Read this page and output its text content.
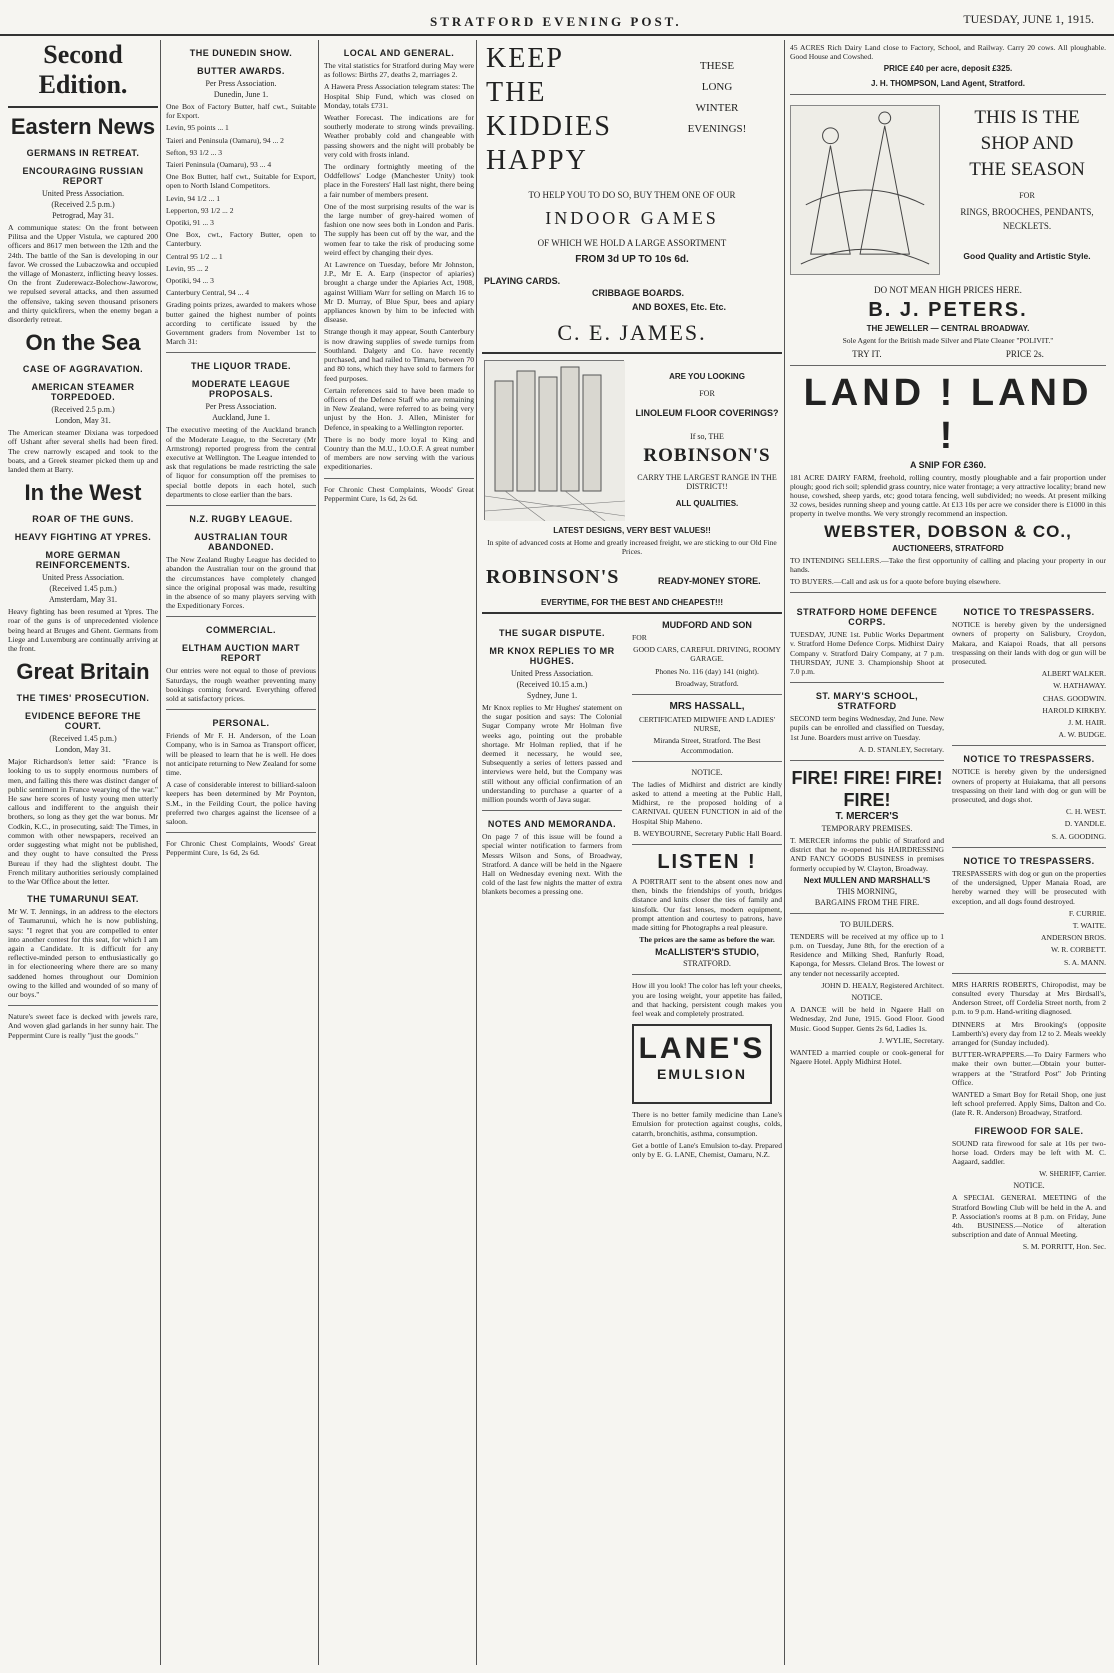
STRATFORD EVENING POST.	TUESDAY, JUNE 1, 1915.
Second Edition.
Eastern News
GERMANS IN RETREAT.
ENCOURAGING RUSSIAN REPORT
United Press Association.
(Received 2.5 p.m.)
Petrograd, May 31.
A communique states: On the front between Pilitsa and the Upper Vistula, we captured 200 officers and 8617 men between the 12th and the 24th. The battle of the San is developing in our favor. We crossed the Lubaczowka and occupied the village of Monasterz, inflicting heavy losses. On the front Zuderewacz-Bolechow-Jaworow, we repulsed several attacks, and then assumed the offensive, taking seven thousand prisoners and thirty quickfirers, when the enemy began a disorderly retreat.
On the Sea
CASE OF AGGRAVATION.
AMERICAN STEAMER TORPEDOED.
(Received 2.5 p.m.)
London, May 31.
The American steamer Dixiana was torpedoed off Ushant after several shells had been fired. The crew narrowly escaped and took to the boats, and a Greek steamer picked them up and landed them at Barry.
In the West
ROAR OF THE GUNS.
HEAVY FIGHTING AT YPRES.
MORE GERMAN REINFORCEMENTS.
United Press Association.
(Received 1.45 p.m.)
Amsterdam, May 31.
Heavy fighting has been resumed at Ypres. The roar of the guns is of unprecedented violence being heard at Bruges and Ghent. Germans from Liege and Luxemburg are continually arriving at the front.
Great Britain
THE TIMES' PROSECUTION.
EVIDENCE BEFORE THE COURT.
(Received 1.45 p.m.)
London, May 31.
Major Richardson's letter said: "France is looking to us to supply enormous numbers of men, and failing this there was distinct danger of public sentiment in France wearying of the war." He saw here scores of lusty young men utterly callous and indifferent to the anguish their brothers, so long as they get the war bonus. Mr Codkin, K.C., in prosecuting, said: The Times, in common with other newspapers, received an order suggesting what might not be published, and they ought to have consulted the Press Bureau if they had the slightest doubt. The French military authorities seriously complained to the War Office about the letter.
THE TUMARUNUI SEAT.
Mr W. T. Jennings, in an address to the electors of Taumarunui, which he is now publishing, says: "I regret that you are compelled to enter into another contest for this seat, for which I am again a Candidate. It is difficult for any reflective-minded person to enthusiastically go in for electioneering where there are so many saddened homes throughout our Dominion owing to the killed and wounded of so many of our boys."
Nature's sweet face is decked with jewels rare, And woven glad garlands in her sunny hair. The Peppermint Cure is really "just the goods."
THE DUNEDIN SHOW.
BUTTER AWARDS.
Per Press Association.
Dunedin, June 1.
One Box of Factory Butter, half cwt., Suitable for Export.
Levin, 95 points ... 1
Taieri and Peninsula (Oamaru), 94 ... 2
Sefton, 93 1/2 ... 3
Taieri Peninsula (Oamaru), 93 ... 4
One Box Butter, half cwt., Suitable for Export, open to North Island Competitors.
Levin, 94 1/2 ... 1
Lepperton, 93 1/2 ... 2
Opotiki, 91 ... 3
One Box, cwt., Factory Butter, open to Canterbury.
Central 95 1/2 ... 1
Levin, 95 ... 2
Opotiki, 94 ... 3
Canterbury Central, 94 ... 4
Grading points prizes, awarded to makers whose butter gained the highest number of points according to certificate issued by the Government graders from November 1st to March 31:
THE LIQUOR TRADE.
MODERATE LEAGUE PROPOSALS.
Per Press Association.
Auckland, June 1.
The executive meeting of the Auckland branch of the Moderate League, to the Secretary (Mr Armstrong) reported progress from the central executive at Wellington. The League intended to ask that regulations be made restricting the sale of liquor for consumption off the premises to special bottle depots in each hotel, such departments to close earlier than the bars.
N.Z. RUGBY LEAGUE.
AUSTRALIAN TOUR ABANDONED.
The New Zealand Rugby League has decided to abandon the Australian tour on the ground that the circumstances have completely changed since the original proposal was made, resulting in the absence of so many players serving with the Expeditionary Forces.
COMMERCIAL.
ELTHAM AUCTION MART REPORT
Our entries were not equal to those of previous Saturdays, the rough weather preventing many bookings coming forward. Everything offered sold at satisfactory prices.
PERSONAL.
Friends of Mr F. H. Anderson, of the Loan Company, who is in Samoa as Transport officer, will be pleased to learn that he is well. He does not anticipate returning to New Zealand for some time.
A case of considerable interest to billiard-saloon keepers has been determined by Mr Poynton, S.M., in the Feilding Court, the police having preferred two charges against the licensee of a saloon.
For Chronic Chest Complaints, Woods' Great Peppermint Cure, 1s 6d, 2s 6d.
LOCAL AND GENERAL.
The vital statistics for Stratford during May were as follows: Births 27, deaths 2, marriages 2.
A Hawera Press Association telegram states: The Hospital Ship Fund, which was closed on Monday, totals £731.
Weather Forecast. The indications are for southerly moderate to strong winds prevailing. Weather probably cold and changeable with passing showers and the night will probably be very cold with frosts inland.
The ordinary fortnightly meeting of the Oddfellows' Lodge (Manchester Unity) took place in the Foresters' Hall last night, there being a fair number of members present.
One of the most surprising results of the war is the large number of grey-haired women of fashion one now sees both in London and Paris. The supply has been cut off by the war, and the women fear to take the risk of producing some weird effect by changing their dyes.
At Lawrence on Tuesday, before Mr Johnston, J.P., Mr E. A. Earp (inspector of apiaries) brought a charge under the Apiaries Act, 1908, against William Warr for selling on March 16 to Mr D. Murray, of Blue Spur, bees and apiary appliances known by him to be infected with disease.
Strange though it may appear, South Canterbury is now drawing supplies of swede turnips from Southland. Dalgety and Co. have recently purchased, and had railed to Timaru, between 70 and 80 tons, which they have sold to farmers for feed purposes.
Certain references said to have been made to officers of the Defence Staff who are remaining in New Zealand, were referred to as being very unjust by the Hon. J. Allen, Minister for Defence, in speaking to a Wellington reporter.
There is no body more loyal to King and Country than the M.U., I.O.O.F. A great number of members are now serving with the various expeditionaries.
For Chronic Chest Complaints, Woods' Great Peppermint Cure, 1s 6d, 2s 6d.
KEEP
THE
KIDDIES
HAPPY
THESE
LONG
WINTER
EVENINGS!
TO HELP YOU TO DO SO, BUY THEM ONE OF OUR
INDOOR GAMES
OF WHICH WE HOLD A LARGE ASSORTMENT
FROM 3d UP TO 10s 6d.
PLAYING CARDS.
CRIBBAGE BOARDS.
AND BOXES, Etc. Etc.
C. E. JAMES.
ARE YOU LOOKING
FOR
LINOLEUM FLOOR COVERINGS?
If so, THE
ROBINSON'S
CARRY THE LARGEST RANGE IN THE DISTRICT!!
ALL QUALITIES.
LATEST DESIGNS, VERY BEST VALUES!!
In spite of advanced costs at Home and greatly increased freight, we are sticking to our Old Fine Prices.
ROBINSON'S	READY-MONEY STORE.
EVERYTIME, FOR THE BEST AND CHEAPEST!!!
THE SUGAR DISPUTE.
MR KNOX REPLIES TO MR HUGHES.
United Press Association.
(Received 10.15 a.m.)
Sydney, June 1.
Mr Knox replies to Mr Hughes' statement on the sugar position and says: The Colonial Sugar Company wrote Mr Holman five weeks ago, pointing out the probable shortage. Mr Holman replied, that if he deemed it necessary, he would see, Subsequently a series of letters passed and interviews were held, but the Company was still without any official confirmation of an understanding to purchase a quarter of a million pounds worth of Java sugar.
NOTES AND MEMORANDA.
On page 7 of this issue will be found a special winter notification to farmers from Messrs Wilson and Sons, of Broadway, Stratford. A dance will be held in the Ngaere Hall on Wednesday evening next. With the cold of the last few nights the matter of extra blankets becomes a pressing one.
MUDFORD AND SON
FOR
GOOD CARS, CAREFUL DRIVING, ROOMY GARAGE.
Phones No. 116 (day) 141 (night).
Broadway, Stratford.
MRS HASSALL,
CERTIFICATED MIDWIFE AND LADIES' NURSE,
Miranda Street, Stratford. The Best Accommodation.
NOTICE.
The ladies of Midhirst and district are kindly asked to attend a meeting at the Public Hall, Midhirst, re the proposed holding of a CARNIVAL QUEEN FUNCTION in aid of the Hospital Ship Maheno.
B. WEYBOURNE, Secretary Public Hall Board.
LISTEN !
A PORTRAIT sent to the absent ones now and then, binds the friendships of youth, bridges distance and knits closer the ties of family and kinsfolk. Our fast lenses, modern equipment, prompt attention and courtesy to patrons, have made sitting for Photographs a real pleasure.
The prices are the same as before the war.
McALLISTER'S STUDIO,
STRATFORD.
How ill you look! The color has left your cheeks, you are losing weight, your appetite has failed, and that hacking, persistent cough makes you feel weak and completely prostrated.
LANE'S
EMULSION
There is no better family medicine than Lane's Emulsion for protection against coughs, colds, catarrh, bronchitis, asthma, consumption.
Get a bottle of Lane's Emulsion to-day. Prepared only by E. G. LANE, Chemist, Oamaru, N.Z.
45 ACRES Rich Dairy Land close to Factory, School, and Railway. Carry 20 cows. All ploughable. Good House and Cowshed.
PRICE £40 per acre, deposit £325.
J. H. THOMPSON, Land Agent, Stratford.
THIS IS THE
SHOP AND
THE SEASON
FOR
RINGS, BROOCHES, PENDANTS, NECKLETS.
Good Quality and Artistic Style.
DO NOT MEAN HIGH PRICES HERE.
B. J. PETERS.
THE JEWELLER — CENTRAL BROADWAY.
Sole Agent for the British made Silver and Plate Cleaner "POLIVIT."
TRY IT.	PRICE 2s.
LAND ! LAND !
A SNIP FOR £360.
181 ACRE DAIRY FARM, freehold, rolling country, mostly ploughable and a fair proportion under plough; good rich soil; splendid grass country, nice water frontage; a very attractive locality; brand new house, cowshed, sheep yards, etc; good totara fencing, well subdivided; no weeds. At present milking 32 cows, besides running sheep and young cattle. At £13 10s per acre we consider there is £1000 in this property in twelve months. We very strongly recommend an inspection.
WEBSTER, DOBSON & CO.,
AUCTIONEERS, STRATFORD
TO INTENDING SELLERS.—Take the first opportunity of calling and placing your property in our hands.
TO BUYERS.—Call and ask us for a quote before buying elsewhere.
STRATFORD HOME DEFENCE CORPS.
TUESDAY, JUNE 1st. Public Works Department v. Stratford Home Defence Corps. Midhirst Dairy Company v. Stratford Dairy Company, at 7 p.m. THURSDAY, JUNE 3. Championship Shoot at 7.0 p.m.
ST. MARY'S SCHOOL, STRATFORD
SECOND term begins Wednesday, 2nd June. New pupils can be enrolled and classified on Tuesday, 1st June. Boarders must arrive on Tuesday.
A. D. STANLEY, Secretary.
FIRE! FIRE! FIRE! FIRE!
T. MERCER'S
TEMPORARY PREMISES.
T. MERCER informs the public of Stratford and district that he re-opened his HAIRDRESSING AND FANCY GOODS BUSINESS in premises formerly occupied by W. Clayton, Broadway.
Next MULLEN AND MARSHALL'S
THIS MORNING,
BARGAINS FROM THE FIRE.
TO BUILDERS.
TENDERS will be received at my office up to 1 p.m. on Tuesday, June 8th, for the erection of a Residence and Milking Shed, Ranfurly Road, Kaponga, for Messrs. Cleland Bros. The lowest or any tender not necessarily accepted.
JOHN D. HEALY, Registered Architect.
NOTICE.
A DANCE will be held in Ngaere Hall on Wednesday, 2nd June, 1915. Good Floor. Good Music. Good Supper. Gents 2s 6d, Ladies 1s.
J. WYLIE, Secretary.
WANTED a married couple or cook-general for Ngaere Hotel. Apply Midhirst Hotel.
NOTICE TO TRESPASSERS.
NOTICE is hereby given by the undersigned owners of property on Salisbury, Croydon, Makara, and Kaiapoi Roads, that all persons trespassing on their lands with dog or gun will be prosecuted.
ALBERT WALKER.
W. HATHAWAY.
CHAS. GOODWIN.
HAROLD KIRKBY.
J. M. HAIR.
A. W. BUDGE.
NOTICE TO TRESPASSERS.
NOTICE is hereby given by the undersigned owners of property at Huiakama, that all persons trespassing on their land with dog or gun will be prosecuted, and dogs shot.
C. H. WEST.
D. YANDLE.
S. A. GOODING.
NOTICE TO TRESPASSERS.
TRESPASSERS with dog or gun on the properties of the undersigned, Upper Manaia Road, are hereby warned they will be prosecuted with exception, and all dogs found destroyed.
F. CURRIE.
T. WAITE.
ANDERSON BROS.
W. R. CORBETT.
S. A. MANN.
MRS HARRIS ROBERTS, Chiropodist, may be consulted every Thursday at Mrs Birdsall's, Anderson Street, off Cordelia Street north, from 2 p.m. to 9 p.m. Hand-writing diagnosed.
DINNERS at Mrs Brooking's (opposite Lamberth's) every day from 12 to 2. Meals weekly arranged for (Sunday included).
BUTTER-WRAPPERS.—To Dairy Farmers who make their own butter.—Obtain your butter-wrappers at the "Stratford Post" Job Printing Office.
WANTED a Smart Boy for Retail Shop, one just left school preferred. Apply Sims, Dalton and Co. (late R. R. Anderson) Broadway, Stratford.
FIREWOOD FOR SALE.
SOUND rata firewood for sale at 10s per two-horse load. Orders may be left with M. C. Aagaard, saddler.
W. SHERIFF, Carrier.
NOTICE.
A SPECIAL GENERAL MEETING of the Stratford Bowling Club will be held in the A. and P. Association's rooms at 8 p.m. on Friday, June 4th. BUSINESS.—Notice of alteration subscription and date of Annual Meeting.
S. M. PORRITT, Hon. Sec.
